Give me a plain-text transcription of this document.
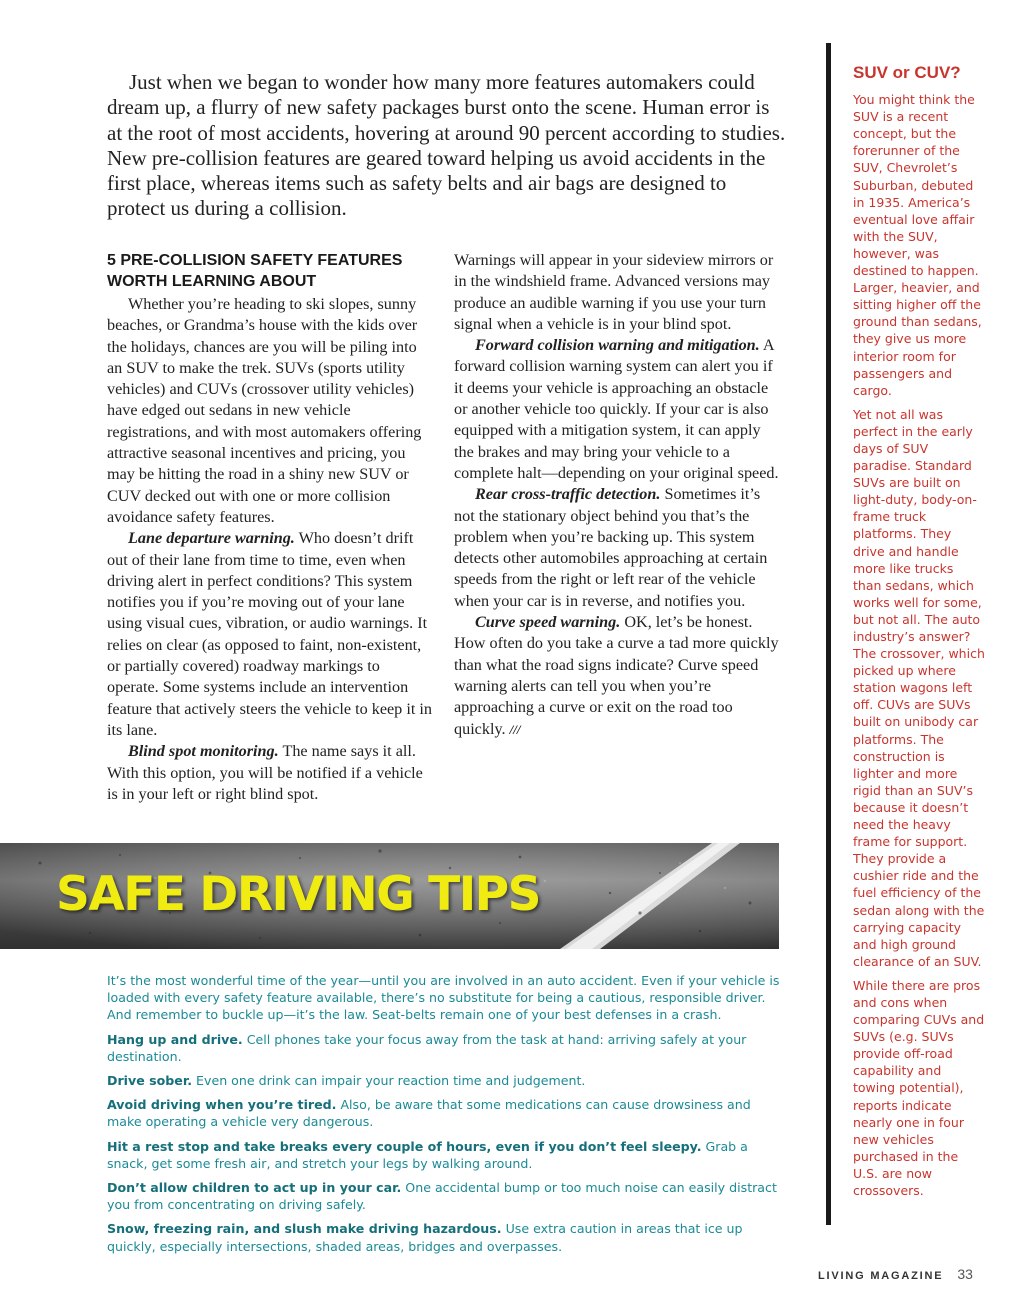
Just when we began to wonder how many more features automakers could dream up, a flurry of new safety packages burst onto the scene. Human error is at the root of most accidents, hovering at around 90 percent according to studies. New pre-collision features are geared toward helping us avoid accidents in the first place, whereas items such as safety belts and air bags are designed to protect us during a collision.

5 PRE-COLLISION SAFETY FEATURES WORTH LEARNING ABOUT

Whether you’re heading to ski slopes, sunny beaches, or Grandma’s house with the kids over the holidays, chances are you will be piling into an SUV to make the trek. SUVs (sports utility vehicles) and CUVs (crossover utility vehicles) have edged out sedans in new vehicle registrations, and with most automakers offering attractive seasonal incentives and pricing, you may be hitting the road in a shiny new SUV or CUV decked out with one or more collision avoidance safety features.

Lane departure warning. Who doesn’t drift out of their lane from time to time, even when driving alert in perfect conditions? This system notifies you if you’re moving out of your lane using visual cues, vibration, or audio warnings. It relies on clear (as opposed to faint, non-existent, or partially covered) roadway markings to operate. Some systems include an intervention feature that actively steers the vehicle to keep it in its lane.

Blind spot monitoring. The name says it all. With this option, you will be notified if a vehicle is in your left or right blind spot.

Warnings will appear in your sideview mirrors or in the windshield frame. Advanced versions may produce an audible warning if you use your turn signal when a vehicle is in your blind spot.

Forward collision warning and mitigation. A forward collision warning system can alert you if it deems your vehicle is approaching an obstacle or another vehicle too quickly. If your car is also equipped with a mitigation system, it can apply the brakes and may bring your vehicle to a complete halt—depending on your original speed.

Rear cross-traffic detection. Sometimes it’s not the stationary object behind you that’s the problem when you’re backing up. This system detects other automobiles approaching at certain speeds from the right or left rear of the vehicle when your car is in reverse, and notifies you.

Curve speed warning. OK, let’s be honest. How often do you take a curve a tad more quickly than what the road signs indicate? Curve speed warning alerts can tell you when you’re approaching a curve or exit on the road too quickly. ///

SUV or CUV?

You might think the SUV is a recent concept, but the forerunner of the SUV, Chevrolet’s Suburban, debuted in 1935. America’s eventual love affair with the SUV, however, was destined to happen. Larger, heavier, and sitting higher off the ground than sedans, they give us more interior room for passengers and cargo.

Yet not all was perfect in the early days of SUV paradise. Standard SUVs are built on light-duty, body-on-frame truck platforms. They drive and handle more like trucks than sedans, which works well for some, but not all. The auto industry’s answer? The crossover, which picked up where station wagons left off. CUVs are SUVs built on unibody car platforms. The construction is lighter and more rigid than an SUV’s because it doesn’t need the heavy frame for support. They provide a cushier ride and the fuel efficiency of the sedan along with the carrying capacity and high ground clearance of an SUV.

While there are pros and cons when comparing CUVs and SUVs (e.g. SUVs provide off-road capability and towing potential), reports indicate nearly one in four new vehicles purchased in the U.S. are now crossovers.

SAFE DRIVING TIPS

It’s the most wonderful time of the year—until you are involved in an auto accident. Even if your vehicle is loaded with every safety feature available, there’s no substitute for being a cautious, responsible driver. And remember to buckle up—it’s the law. Seat-belts remain one of your best defenses in a crash.

Hang up and drive. Cell phones take your focus away from the task at hand: arriving safely at your destination.

Drive sober. Even one drink can impair your reaction time and judgement.

Avoid driving when you’re tired. Also, be aware that some medications can cause drowsiness and make operating a vehicle very dangerous.

Hit a rest stop and take breaks every couple of hours, even if you don’t feel sleepy. Grab a snack, get some fresh air, and stretch your legs by walking around.

Don’t allow children to act up in your car. One accidental bump or too much noise can easily distract you from concentrating on driving safely.

Snow, freezing rain, and slush make driving hazardous. Use extra caution in areas that ice up quickly, especially intersections, shaded areas, bridges and overpasses.

LIVING MAGAZINE 33
